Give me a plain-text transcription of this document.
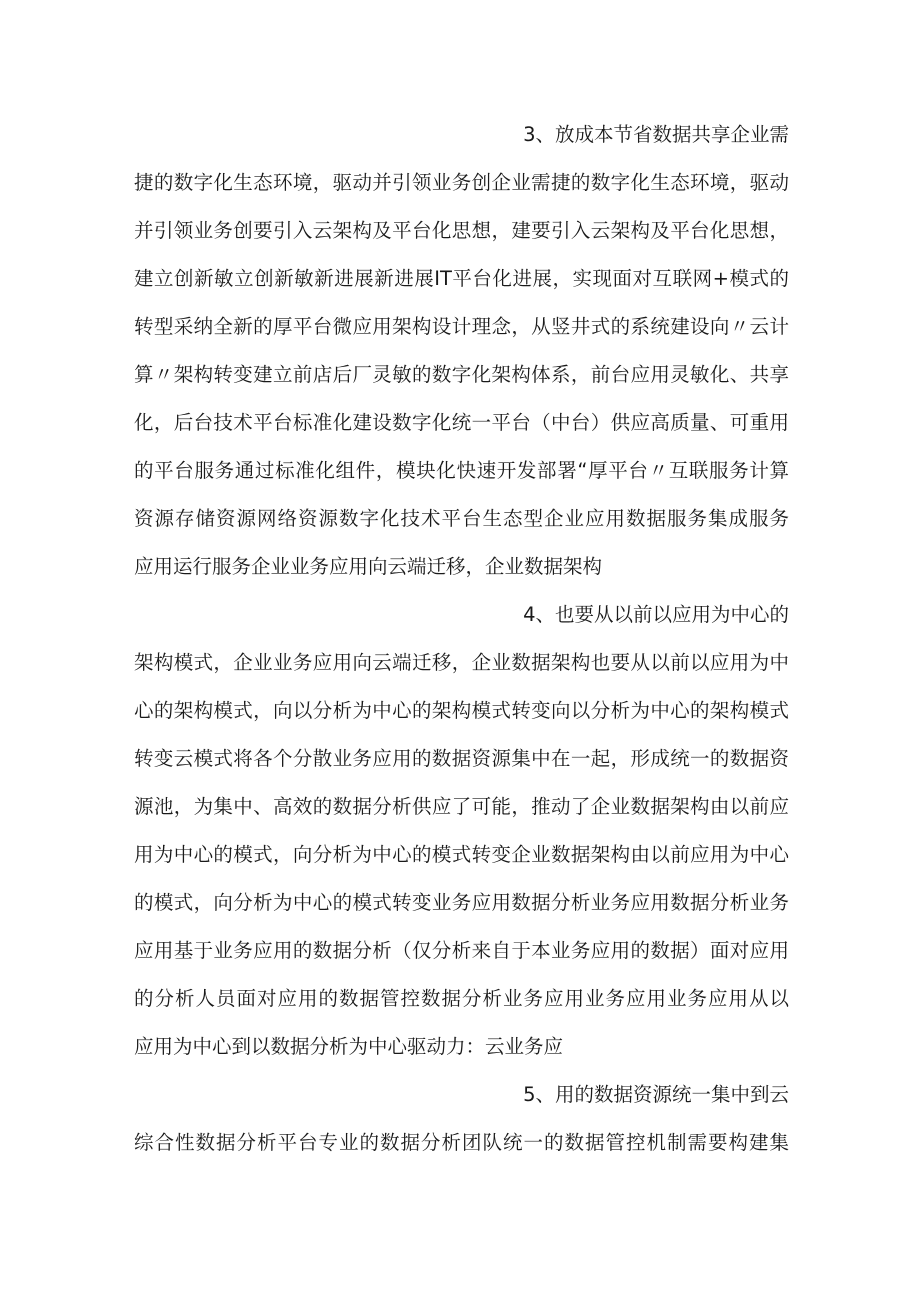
3、放成本节省数据共享企业需
捷的数字化生态环境，驱动并引领业务创企业需捷的数字化生态环境，驱动
并引领业务创要引入云架构及平台化思想，建要引入云架构及平台化思想，
建立创新敏立创新敏新进展新进展IT平台化进展，实现面对互联网+模式的
转型采纳全新的厚平台微应用架构设计理念，从竖井式的系统建设向〃云计
算〃架构转变建立前店后厂灵敏的数字化架构体系，前台应用灵敏化、共享
化，后台技术平台标准化建设数字化统一平台（中台）供应高质量、可重用
的平台服务通过标准化组件，模块化快速开发部署“厚平台〃互联服务计算
资源存储资源网络资源数字化技术平台生态型企业应用数据服务集成服务
应用运行服务企业业务应用向云端迁移，企业数据架构
4、也要从以前以应用为中心的
架构模式，企业业务应用向云端迁移，企业数据架构也要从以前以应用为中
心的架构模式，向以分析为中心的架构模式转变向以分析为中心的架构模式
转变云模式将各个分散业务应用的数据资源集中在一起，形成统一的数据资
源池，为集中、高效的数据分析供应了可能，推动了企业数据架构由以前应
用为中心的模式，向分析为中心的模式转变企业数据架构由以前应用为中心
的模式，向分析为中心的模式转变业务应用数据分析业务应用数据分析业务
应用基于业务应用的数据分析（仅分析来自于本业务应用的数据）面对应用
的分析人员面对应用的数据管控数据分析业务应用业务应用业务应用从以
应用为中心到以数据分析为中心驱动力：云业务应
5、用的数据资源统一集中到云
综合性数据分析平台专业的数据分析团队统一的数据管控机制需要构建集
